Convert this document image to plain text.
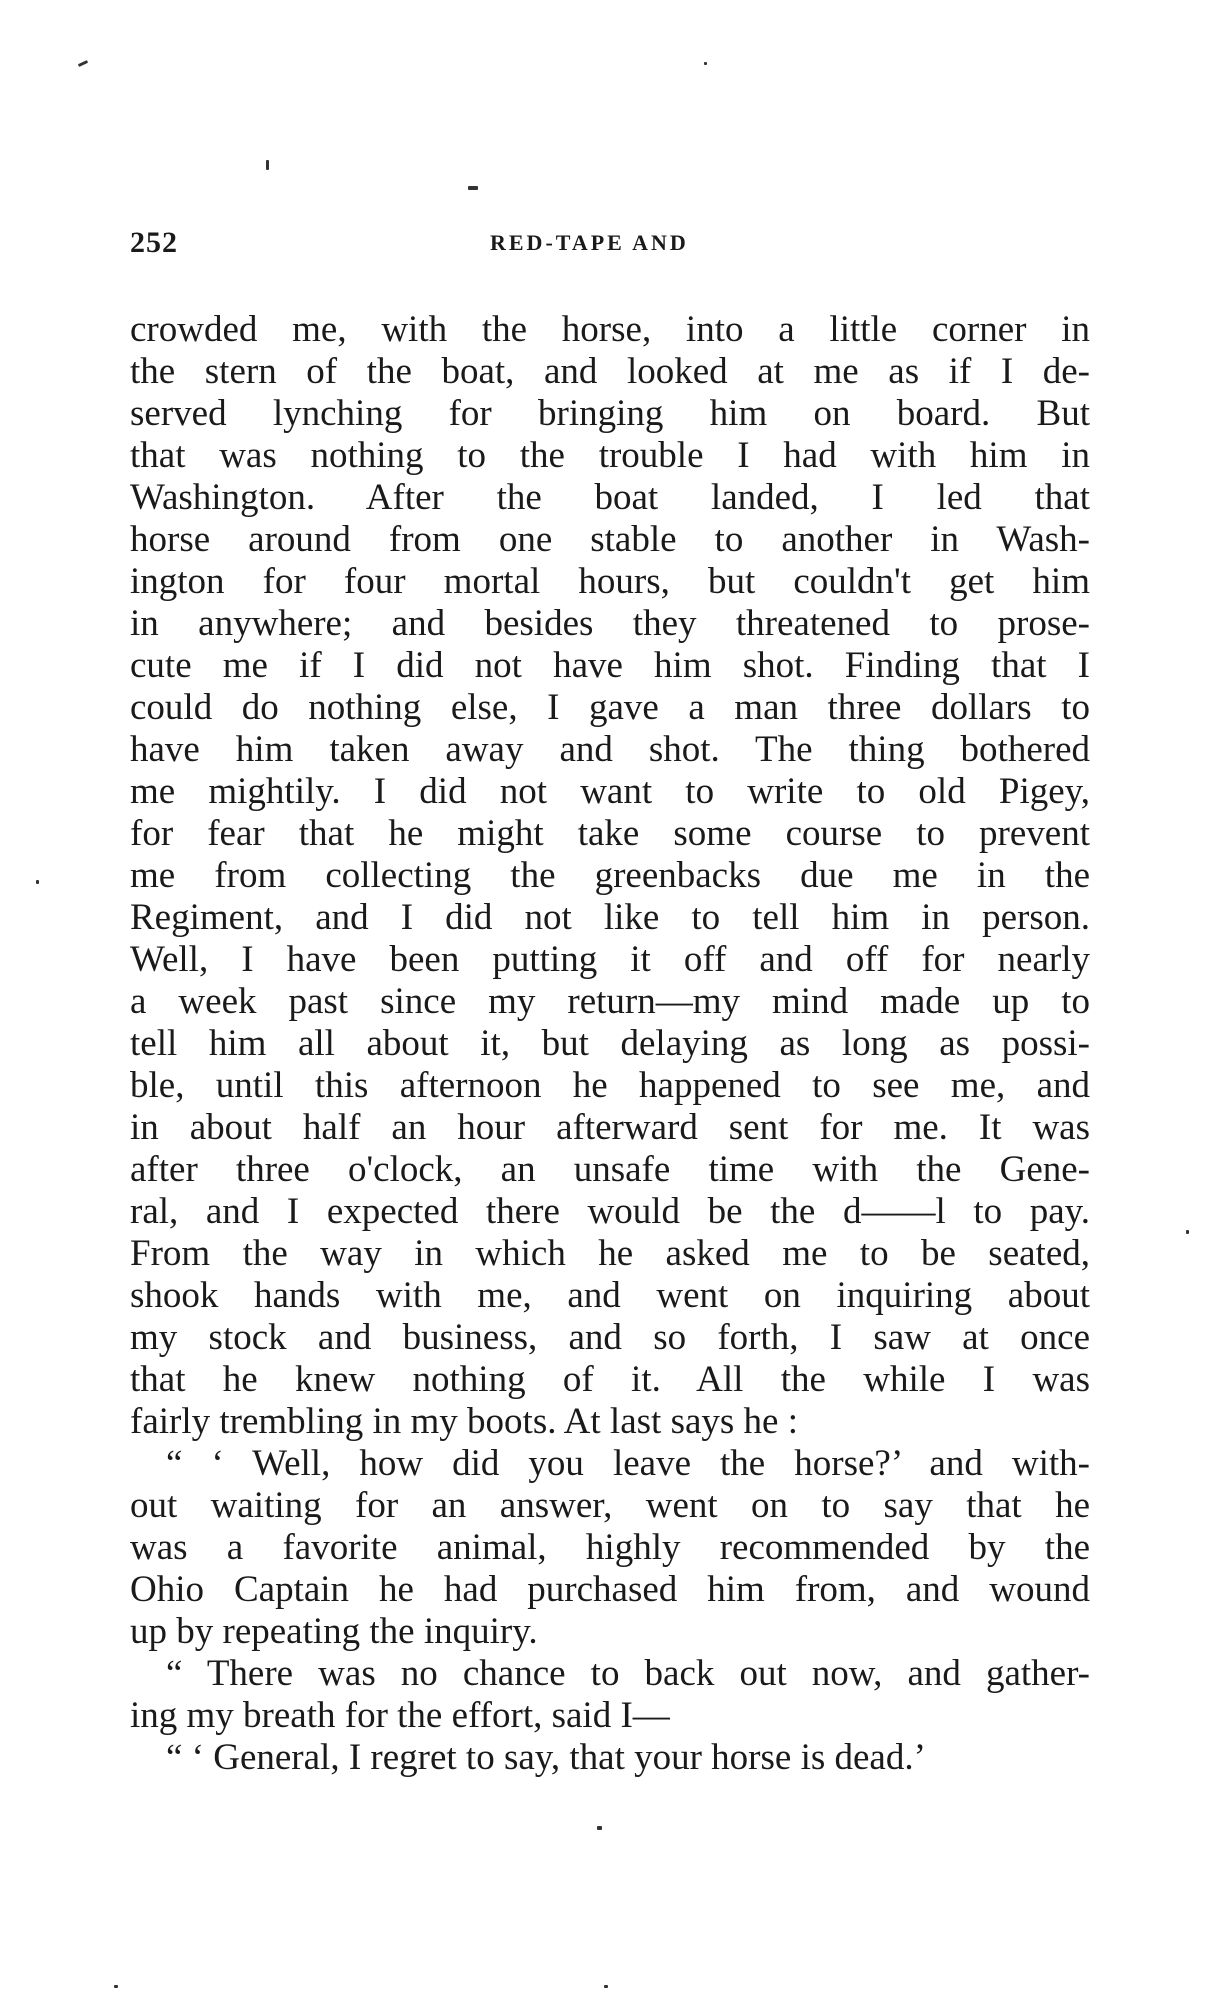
252	RED-TAPE AND
crowded me, with the horse, into a little corner in
the stern of the boat, and looked at me as if I de-
served lynching for bringing him on board. But
that was nothing to the trouble I had with him in
Washington. After the boat landed, I led that
horse around from one stable to another in Wash-
ington for four mortal hours, but couldn't get him
in anywhere; and besides they threatened to prose-
cute me if I did not have him shot. Finding that I
could do nothing else, I gave a man three dollars to
have him taken away and shot. The thing bothered
me mightily. I did not want to write to old Pigey,
for fear that he might take some course to prevent
me from collecting the greenbacks due me in the
Regiment, and I did not like to tell him in person.
Well, I have been putting it off and off for nearly
a week past since my return—my mind made up to
tell him all about it, but delaying as long as possi-
ble, until this afternoon he happened to see me, and
in about half an hour afterward sent for me. It was
after three o'clock, an unsafe time with the Gene-
ral, and I expected there would be the d——l to pay.
From the way in which he asked me to be seated,
shook hands with me, and went on inquiring about
my stock and business, and so forth, I saw at once
that he knew nothing of it. All the while I was
fairly trembling in my boots. At last says he :
“ ‘ Well, how did you leave the horse?’ and with-
out waiting for an answer, went on to say that he
was a favorite animal, highly recommended by the
Ohio Captain he had purchased him from, and wound
up by repeating the inquiry.
“ There was no chance to back out now, and gather-
ing my breath for the effort, said I—
“ ‘ General, I regret to say, that your horse is dead.’
